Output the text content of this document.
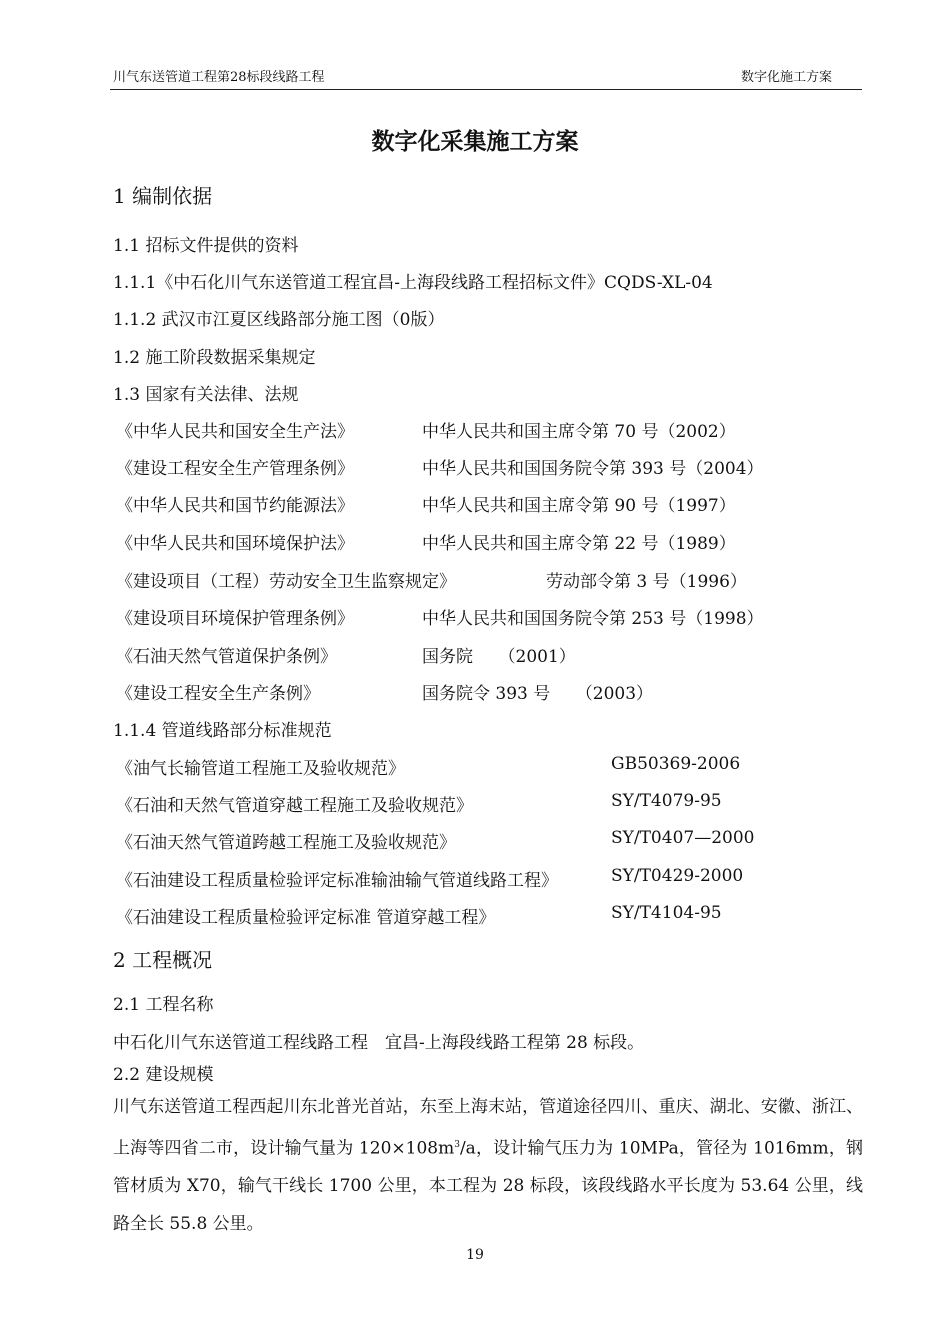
川气东送管道工程第28标段线路工程	数字化施工方案
数字化采集施工方案
1 编制依据
1.1 招标文件提供的资料
1.1.1《中石化川气东送管道工程宜昌-上海段线路工程招标文件》CQDS-XL-04
1.1.2 武汉市江夏区线路部分施工图（0版）
1.2 施工阶段数据采集规定
1.3 国家有关法律、法规
《中华人民共和国安全生产法》	中华人民共和国主席令第 70 号（2002）
《建设工程安全生产管理条例》	中华人民共和国国务院令第 393 号（2004）
《中华人民共和国节约能源法》	中华人民共和国主席令第 90 号（1997）
《中华人民共和国环境保护法》	中华人民共和国主席令第 22 号（1989）
《建设项目（工程）劳动安全卫生监察规定》	劳动部令第 3 号（1996）
《建设项目环境保护管理条例》	中华人民共和国国务院令第 253 号（1998）
《石油天然气管道保护条例》	国务院　　（2001）
《建设工程安全生产条例》	国务院令 393 号　　（2003）
1.1.4 管道线路部分标准规范
《油气长输管道工程施工及验收规范》	GB50369-2006
《石油和天然气管道穿越工程施工及验收规范》	SY/T4079-95
《石油天然气管道跨越工程施工及验收规范》	SY/T0407—2000
《石油建设工程质量检验评定标准输油输气管道线路工程》	SY/T0429-2000
《石油建设工程质量检验评定标准 管道穿越工程》	SY/T4104-95
2 工程概况
2.1 工程名称
中石化川气东送管道工程线路工程　宜昌-上海段线路工程第 28 标段。
2.2 建设规模
川气东送管道工程西起川东北普光首站，东至上海末站，管道途径四川、重庆、湖北、安徽、浙江、上海等四省二市，设计输气量为 $120\times 108m^3/a$，设计输气压力为 10MPa，管径为 1016mm，钢管材质为 X70，输气干线长 1700 公里，本工程为 28 标段，该段线路水平长度为 53.64 公里，线路全长 55.8 公里。
19
